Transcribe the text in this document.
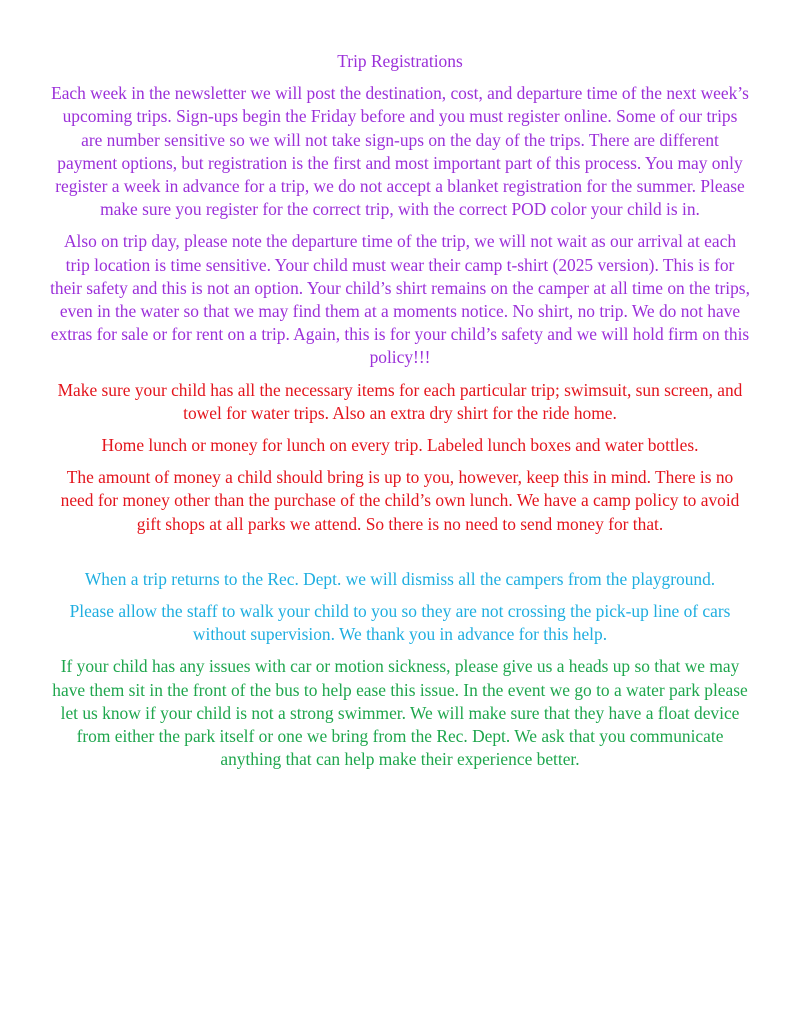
Trip Registrations

Each week in the newsletter we will post the destination, cost, and departure time of the next week’s upcoming trips. Sign-ups begin the Friday before and you must register online. Some of our trips are number sensitive so we will not take sign-ups on the day of the trips. There are different payment options, but registration is the first and most important part of this process. You may only register a week in advance for a trip, we do not accept a blanket registration for the summer. Please make sure you register for the correct trip, with the correct POD color your child is in.

Also on trip day, please note the departure time of the trip, we will not wait as our arrival at each trip location is time sensitive. Your child must wear their camp t-shirt (2025 version). This is for their safety and this is not an option. Your child’s shirt remains on the camper at all time on the trips, even in the water so that we may find them at a moments notice. No shirt, no trip. We do not have extras for sale or for rent on a trip. Again, this is for your child’s safety and we will hold firm on this policy!!!

Make sure your child has all the necessary items for each particular trip; swimsuit, sun screen, and towel for water trips. Also an extra dry shirt for the ride home.

Home lunch or money for lunch on every trip. Labeled lunch boxes and water bottles.

The amount of money a child should bring is up to you, however, keep this in mind. There is no need for money other than the purchase of the child’s own lunch. We have a camp policy to avoid gift shops at all parks we attend. So there is no need to send money for that.

When a trip returns to the Rec. Dept. we will dismiss all the campers from the playground.

Please allow the staff to walk your child to you so they are not crossing the pick-up line of cars without supervision. We thank you in advance for this help.

If your child has any issues with car or motion sickness, please give us a heads up so that we may have them sit in the front of the bus to help ease this issue. In the event we go to a water park please let us know if your child is not a strong swimmer. We will make sure that they have a float device from either the park itself or one we bring from the Rec. Dept. We ask that you communicate anything that can help make their experience better.
